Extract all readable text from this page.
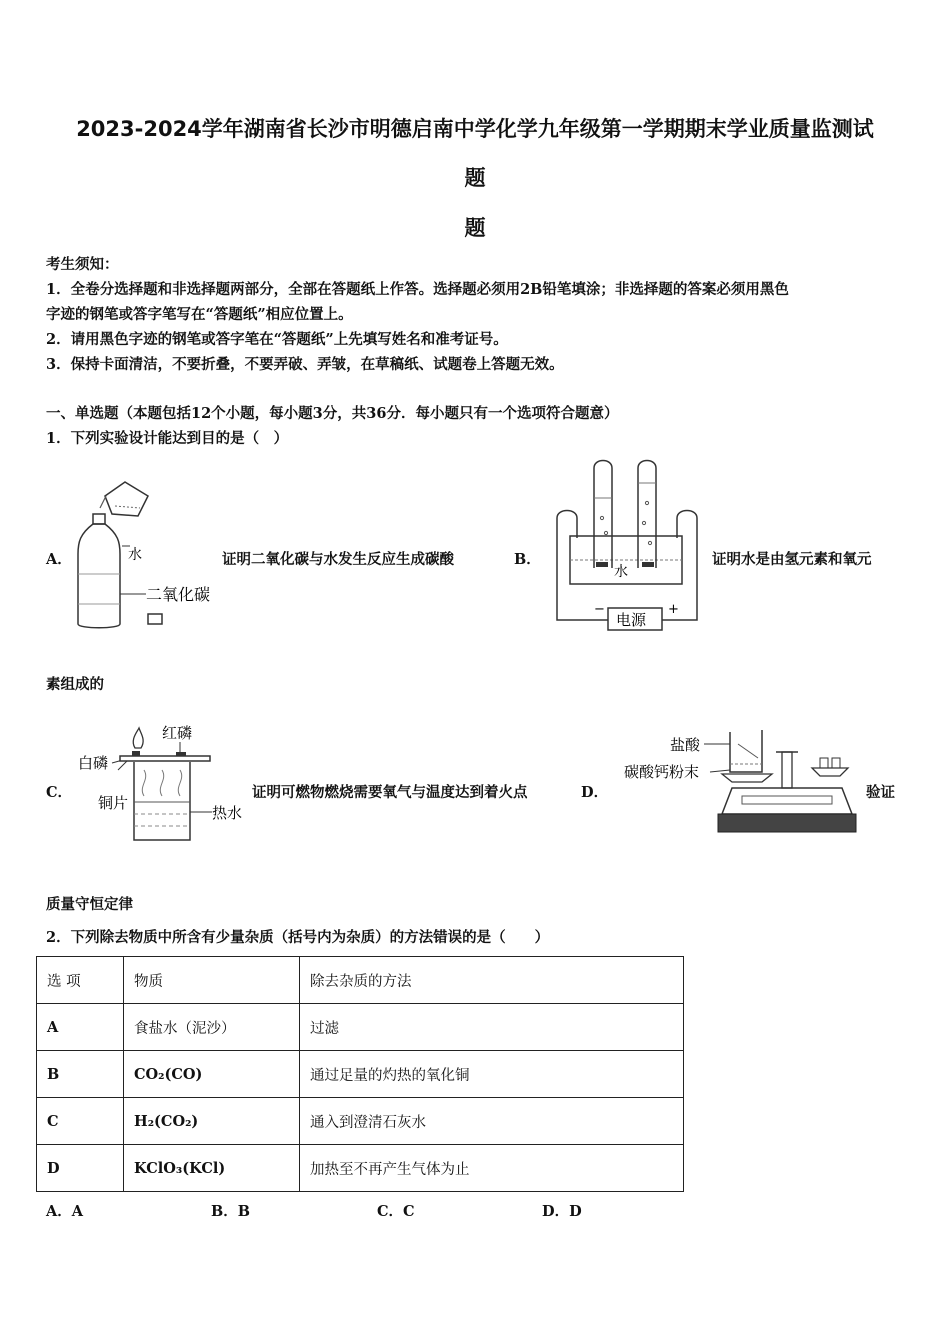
2023-2024学年湖南省长沙市明德启南中学化学九年级第一学期期末学业质量监测试
题
题
考生须知：
1．全卷分选择题和非选择题两部分，全部在答题纸上作答。选择题必须用2B铅笔填涂；非选择题的答案必须用黑色
字迹的钢笔或答字笔写在“答题纸”相应位置上。
2．请用黑色字迹的钢笔或答字笔在“答题纸”上先填写姓名和准考证号。
3．保持卡面清洁，不要折叠，不要弄破、弄皱，在草稿纸、试题卷上答题无效。
一、单选题（本题包括12个小题，每小题3分，共36分．每小题只有一个选项符合题意）
1．下列实验设计能达到目的是（　）
A．	水
二氧化碳
证明二氧化碳与水发生反应生成碳酸	B．
水
电源
−	+
证明水是由氢元素和氧元
素组成的
C．
红磷
白磷
铜片
热水
证明可燃物燃烧需要氧气与温度达到着火点	D．
盐酸
碳酸钙粉末
验证
质量守恒定律
2．下列除去物质中所含有少量杂质（括号内为杂质）的方法错误的是（　　）
选 项	物质	除去杂质的方法
A	食盐水（泥沙）	过滤
B	CO₂(CO)	通过足量的灼热的氧化铜
C	H₂(CO₂)	通入到澄清石灰水
D	KClO₃(KCl)	加热至不再产生气体为止
A．A	B．B	C．C	D．D
